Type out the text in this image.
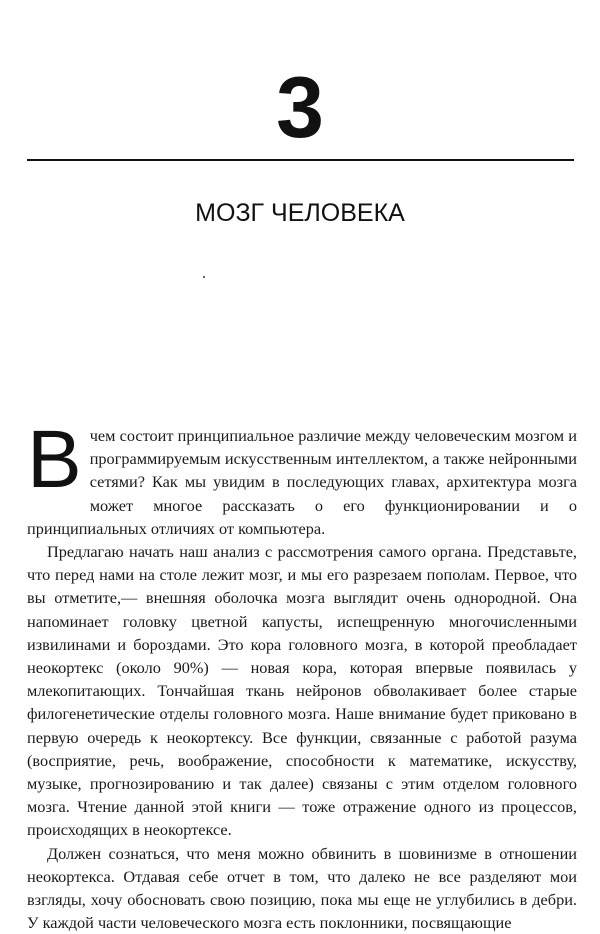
3
МОЗГ ЧЕЛОВЕКА

В чем состоит принципиальное различие между человеческим мозгом и программируемым искусственным интеллектом, а также нейронными сетями? Как мы увидим в последующих главах, архитектура мозга может многое рассказать о его функционировании и о принципиальных отличиях от компьютера.

Предлагаю начать наш анализ с рассмотрения самого органа. Представьте, что перед нами на столе лежит мозг, и мы его разрезаем пополам. Первое, что вы отметите,— внешняя оболочка мозга выглядит очень однородной. Она напоминает головку цветной капусты, испещренную многочисленными извилинами и бороздами. Это кора головного мозга, в которой преобладает неокортекс (около 90%) — новая кора, которая впервые появилась у млекопитающих. Тончайшая ткань нейронов обволакивает более старые филогенетические отделы головного мозга. Наше внимание будет приковано в первую очередь к неокортексу. Все функции, связанные с работой разума (восприятие, речь, воображение, способности к математике, искусству, музыке, прогнозированию и так далее) связаны с этим отделом головного мозга. Чтение данной этой книги — тоже отражение одного из процессов, происходящих в неокортексе.

Должен сознаться, что меня можно обвинить в шовинизме в отношении неокортекса. Отдавая себе отчет в том, что далеко не все разделяют мои взгляды, хочу обосновать свою позицию, пока мы еще не углубились в дебри. У каждой части человеческого мозга есть поклонники, посвящающие
